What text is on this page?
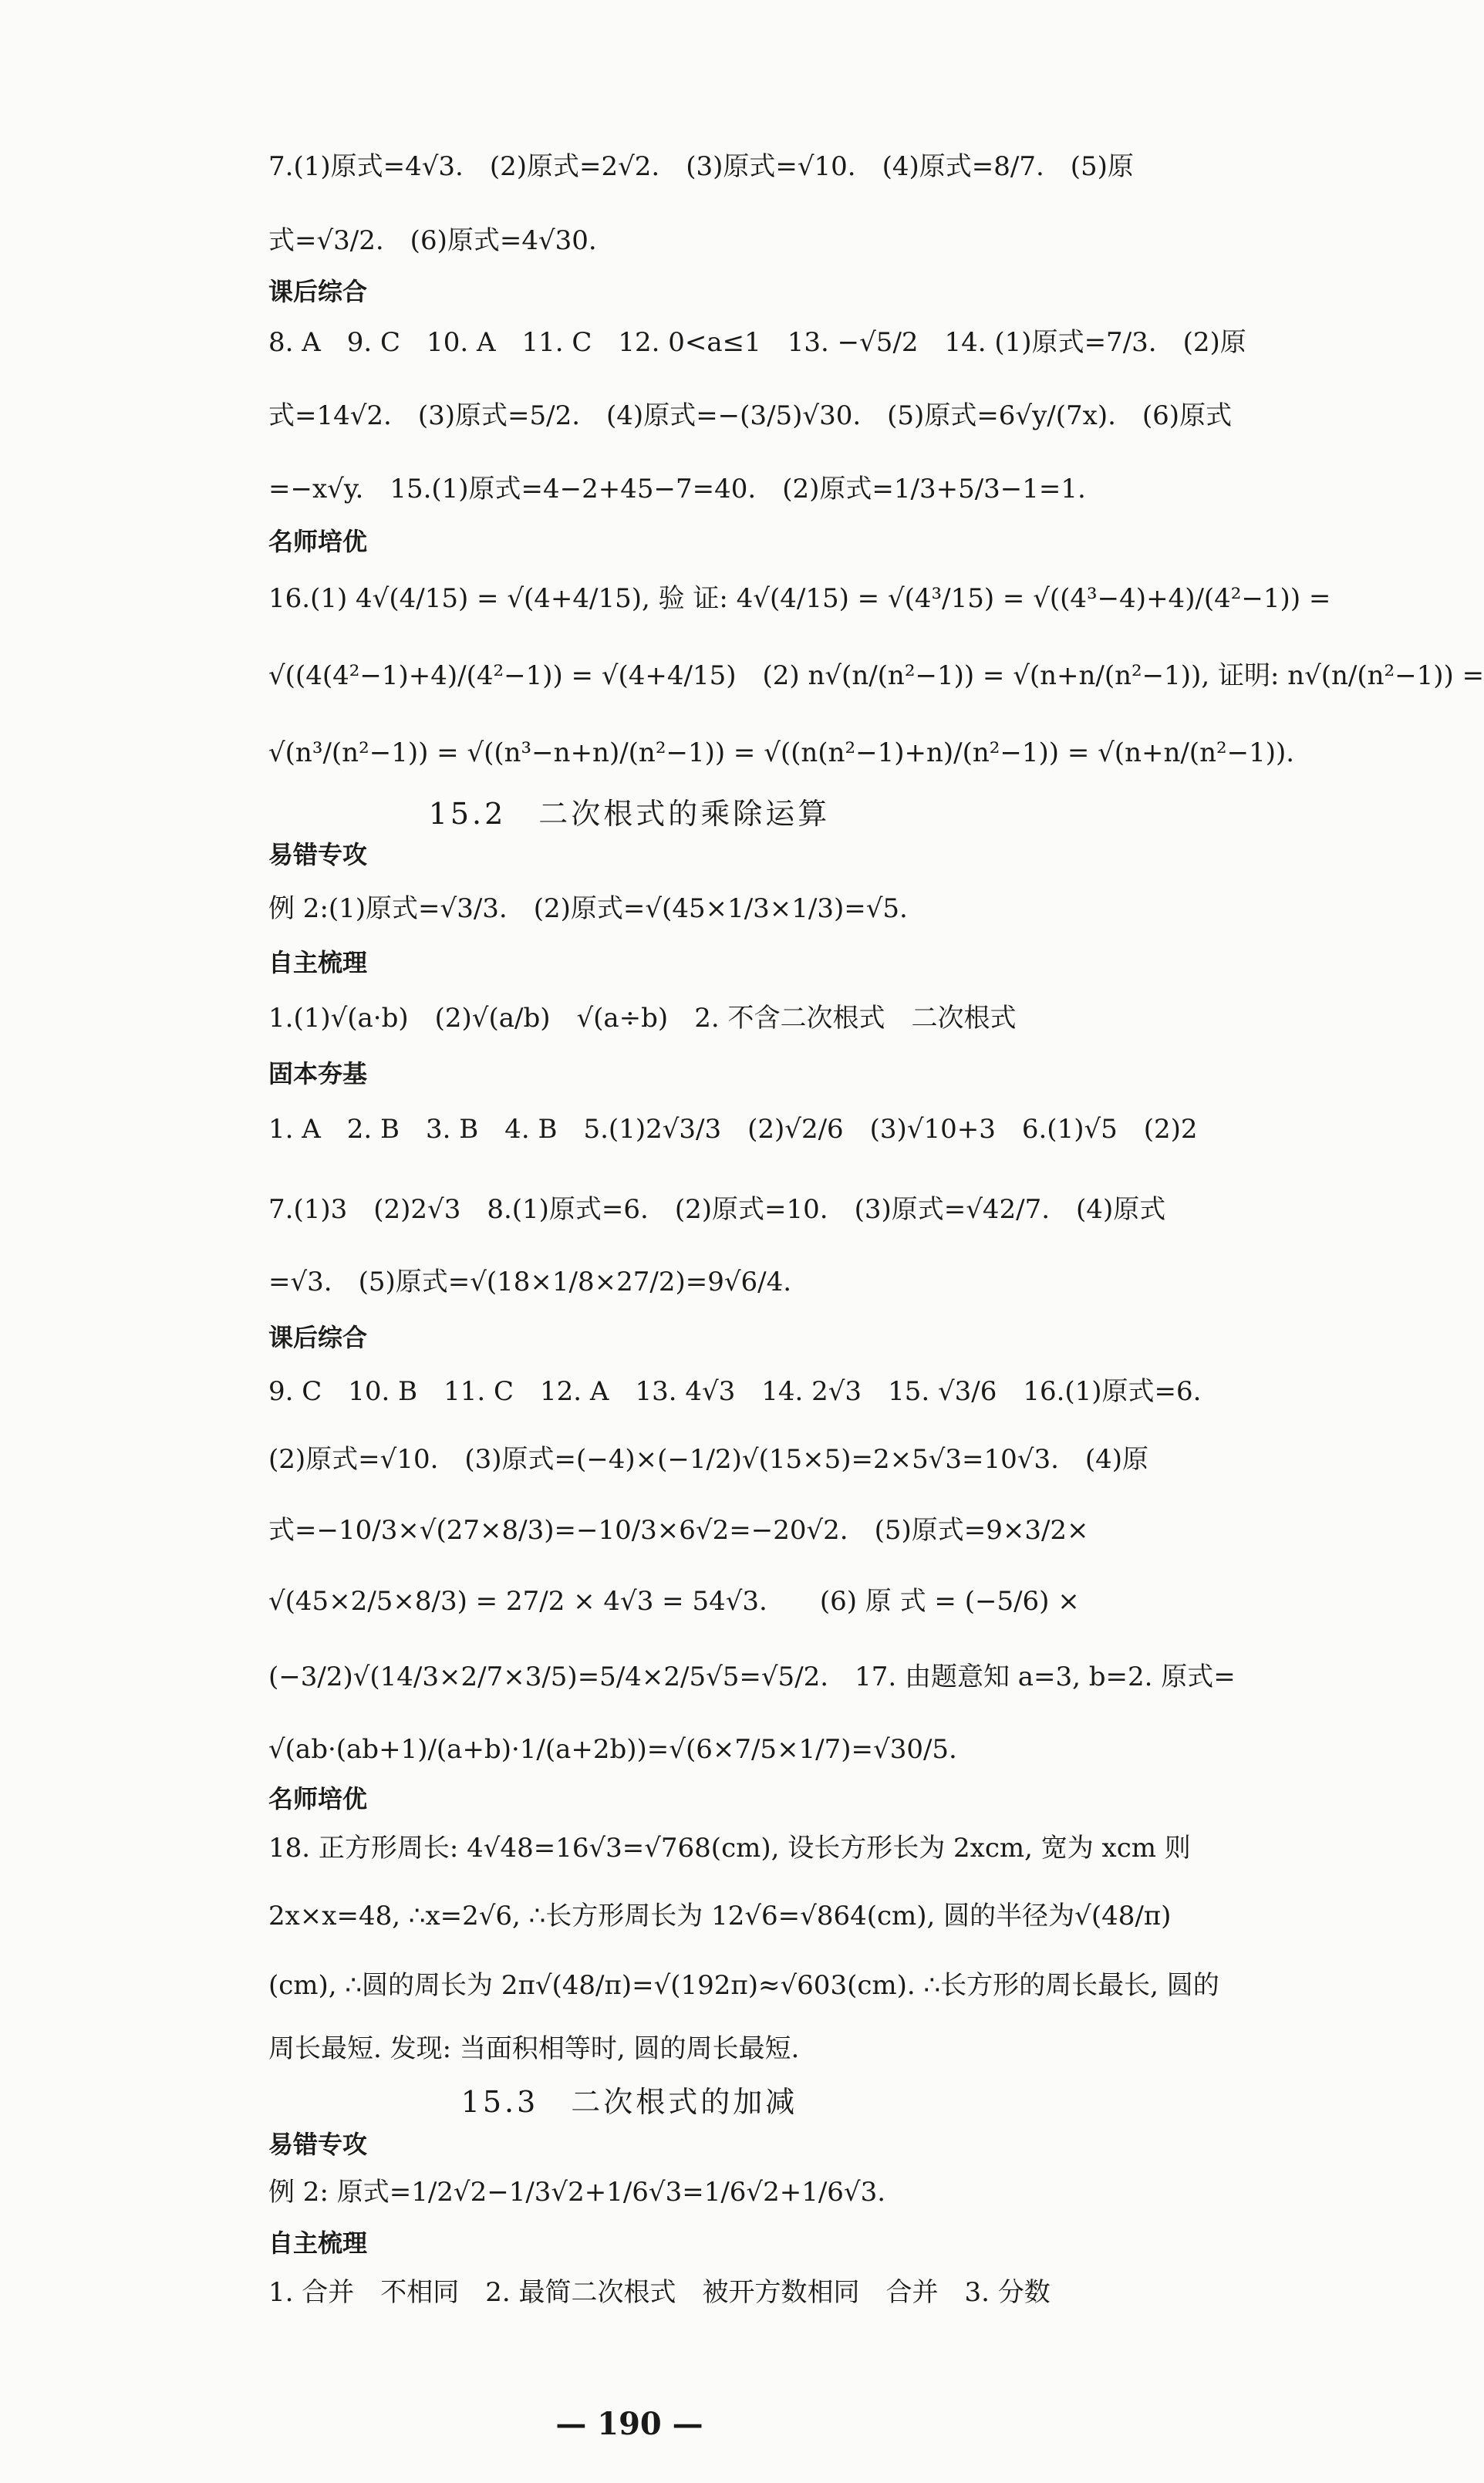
7.(1)原式=4√3.　(2)原式=2√2.　(3)原式=√10.　(4)原式=8/7.　(5)原
式=√3/2.　(6)原式=4√30.
课后综合
8. A　9. C　10. A　11. C　12. 0<a≤1　13. −√5/2　14. (1)原式=7/3.　(2)原
式=14√2.　(3)原式=5/2.　(4)原式=−(3/5)√30.　(5)原式=6√y/(7x).　(6)原式
=−x√y.　15.(1)原式=4−2+45−7=40.　(2)原式=1/3+5/3−1=1.
名师培优
16.(1) 4√(4/15) = √(4+4/15), 验 证: 4√(4/15) = √(4³/15) = √((4³−4)+4)/(4²−1)) =
√((4(4²−1)+4)/(4²−1)) = √(4+4/15)　(2) n√(n/(n²−1)) = √(n+n/(n²−1)), 证明: n√(n/(n²−1)) =
√(n³/(n²−1)) = √((n³−n+n)/(n²−1)) = √((n(n²−1)+n)/(n²−1)) = √(n+n/(n²−1)).
15.2　二次根式的乘除运算
易错专攻
例 2:(1)原式=√3/3.　(2)原式=√(45×1/3×1/3)=√5.
自主梳理
1.(1)√(a·b)　(2)√(a/b)　√(a÷b)　2. 不含二次根式　二次根式
固本夯基
1. A　2. B　3. B　4. B　5.(1)2√3/3　(2)√2/6　(3)√10+3　6.(1)√5　(2)2
7.(1)3　(2)2√3　8.(1)原式=6.　(2)原式=10.　(3)原式=√42/7.　(4)原式
=√3.　(5)原式=√(18×1/8×27/2)=9√6/4.
课后综合
9. C　10. B　11. C　12. A　13. 4√3　14. 2√3　15. √3/6　16.(1)原式=6.
(2)原式=√10.　(3)原式=(−4)×(−1/2)√(15×5)=2×5√3=10√3.　(4)原
式=−10/3×√(27×8/3)=−10/3×6√2=−20√2.　(5)原式=9×3/2×
√(45×2/5×8/3) = 27/2 × 4√3 = 54√3.　　(6) 原 式 = (−5/6) ×
(−3/2)√(14/3×2/7×3/5)=5/4×2/5√5=√5/2.　17. 由题意知 a=3, b=2. 原式=
√(ab·(ab+1)/(a+b)·1/(a+2b))=√(6×7/5×1/7)=√30/5.
名师培优
18. 正方形周长: 4√48=16√3=√768(cm), 设长方形长为 2xcm, 宽为 xcm 则
2x×x=48, ∴x=2√6, ∴长方形周长为 12√6=√864(cm), 圆的半径为√(48/π)
(cm), ∴圆的周长为 2π√(48/π)=√(192π)≈√603(cm). ∴长方形的周长最长, 圆的
周长最短. 发现: 当面积相等时, 圆的周长最短.
15.3　二次根式的加减
易错专攻
例 2: 原式=1/2√2−1/3√2+1/6√3=1/6√2+1/6√3.
自主梳理
1. 合并　不相同　2. 最简二次根式　被开方数相同　合并　3. 分数
— 190 —
